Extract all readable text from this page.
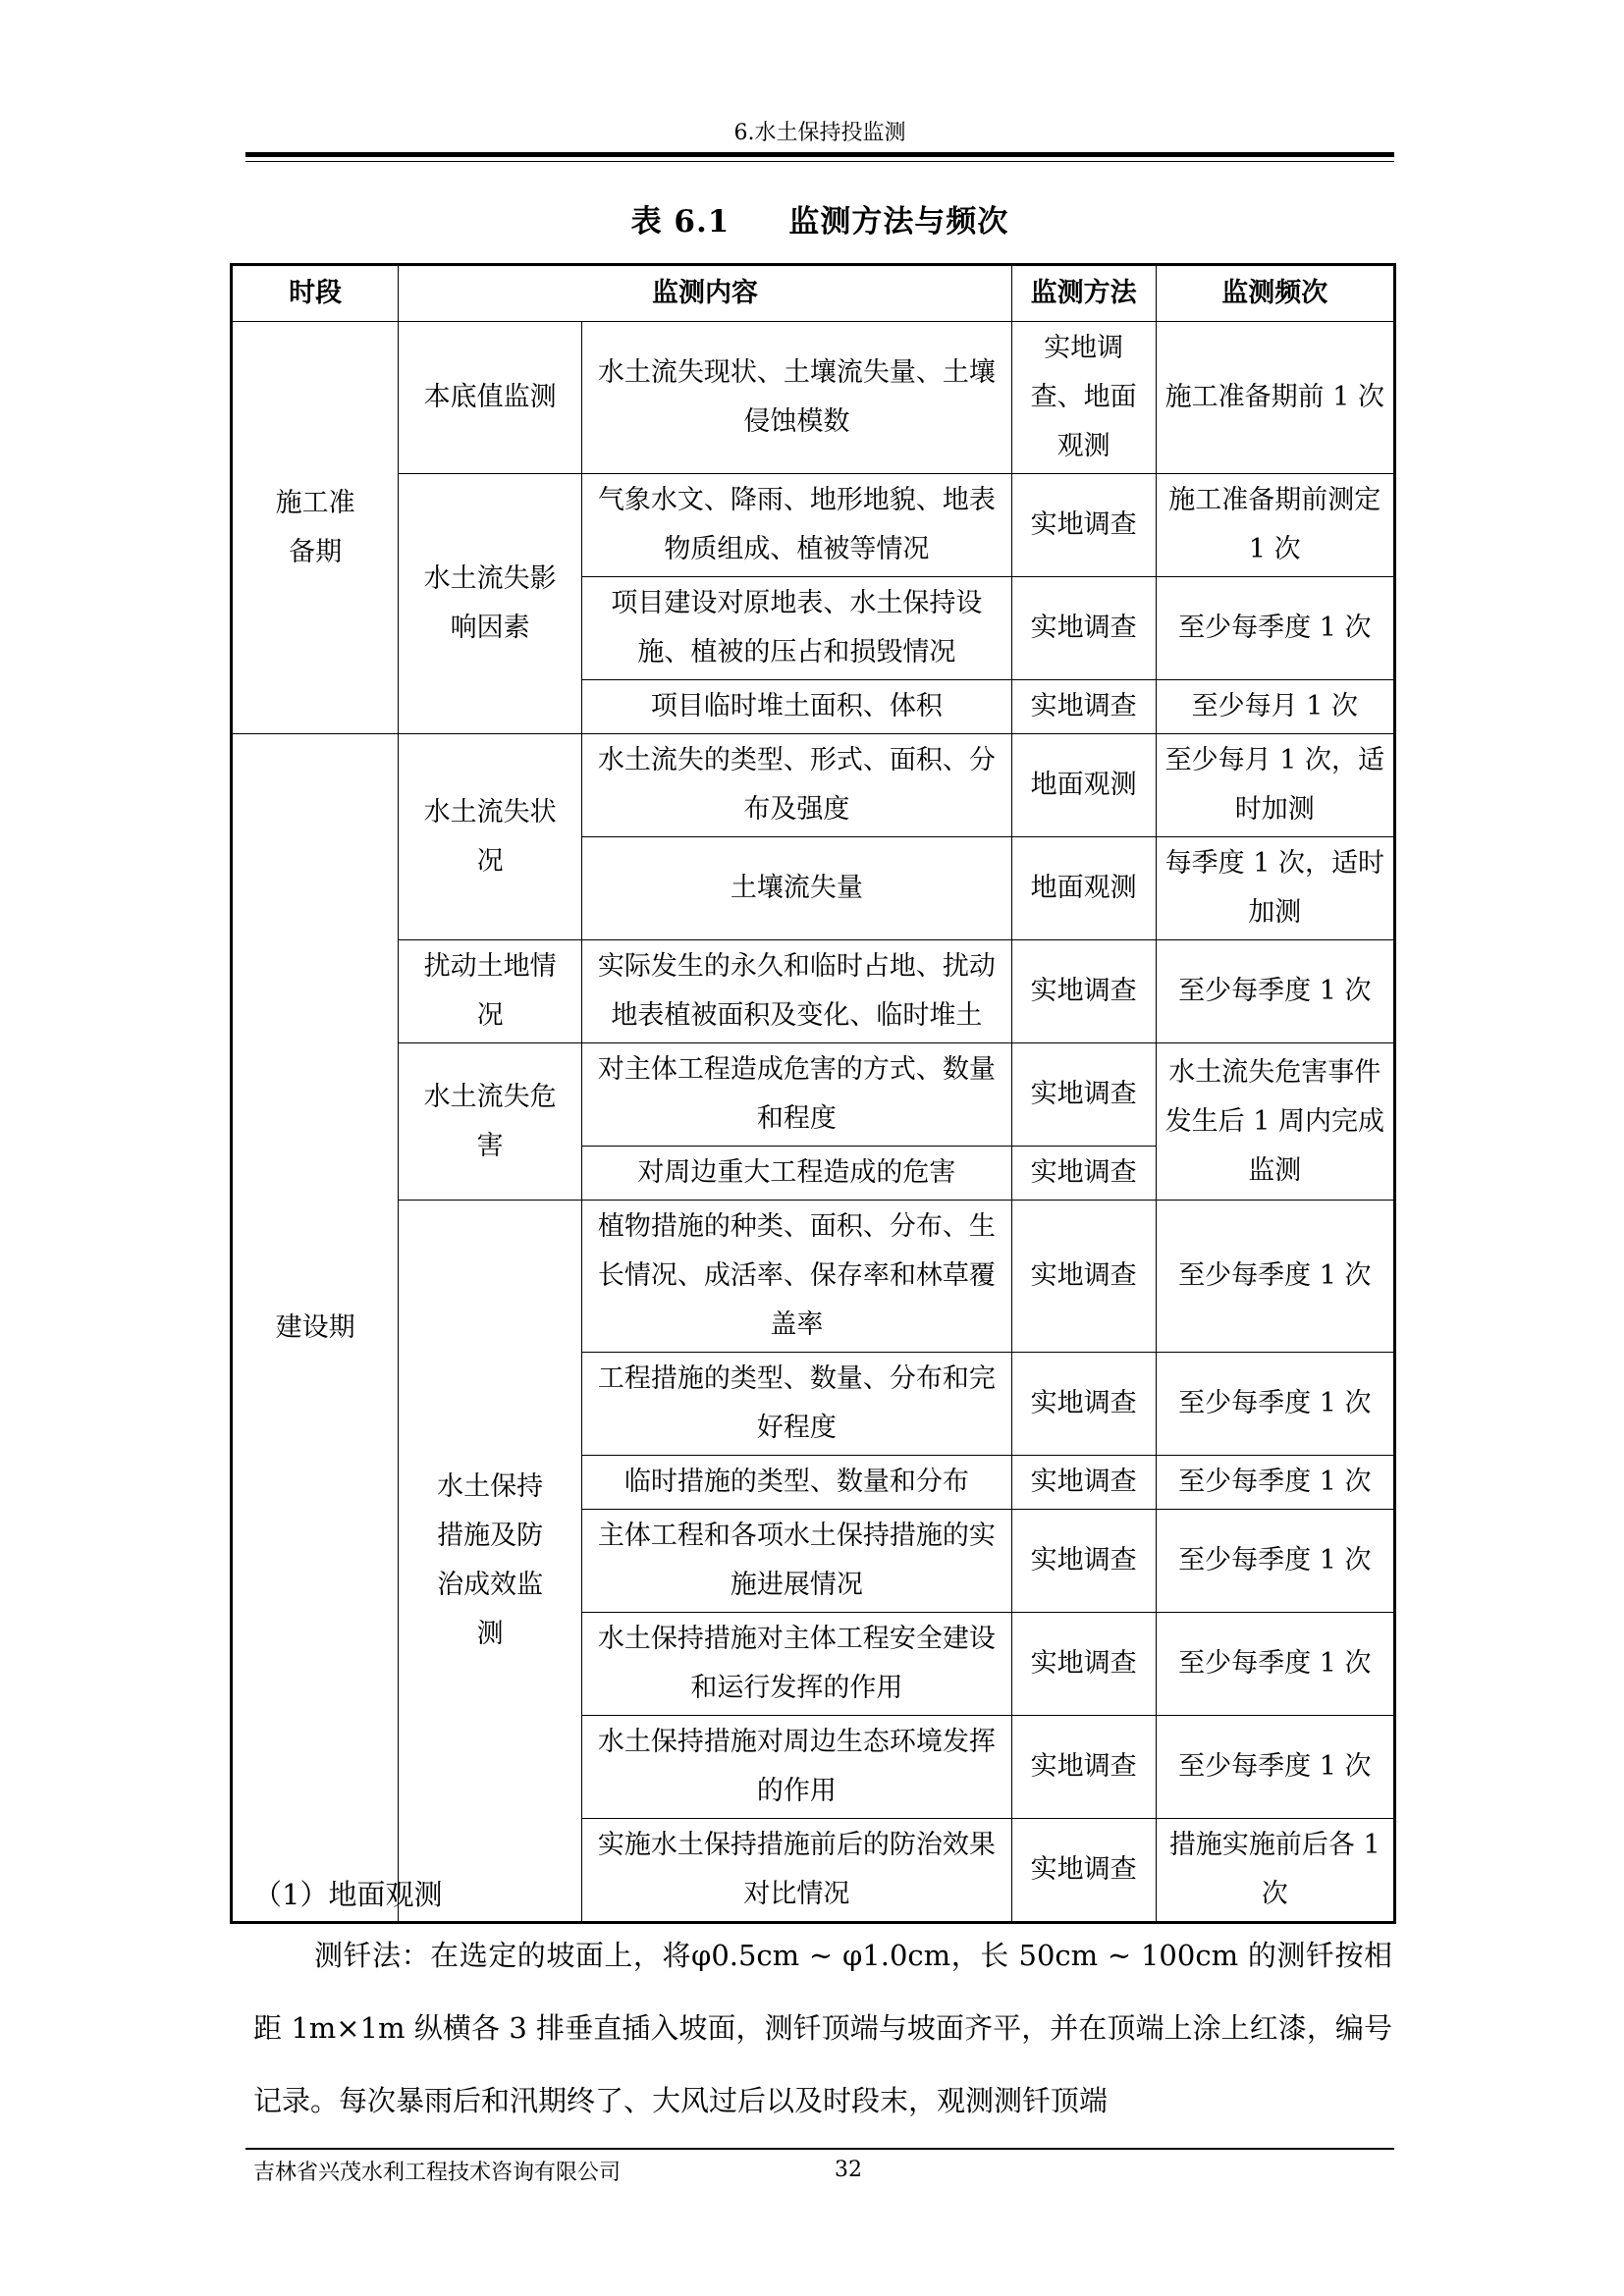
6.水土保持投监测
表 6.1 监测方法与频次
时段	监测内容		监测方法	监测频次
施工准备期	本底值监测	水土流失现状、土壤流失量、土壤侵蚀模数	实地调查、地面观测	施工准备期前 1 次
	水土流失影响因素	气象水文、降雨、地形地貌、地表物质组成、植被等情况	实地调查	施工准备期前测定 1 次
		项目建设对原地表、水土保持设施、植被的压占和损毁情况	实地调查	至少每季度 1 次
		项目临时堆土面积、体积	实地调查	至少每月 1 次
建设期	水土流失状况	水土流失的类型、形式、面积、分布及强度	地面观测	至少每月 1 次，适时加测
		土壤流失量	地面观测	每季度 1 次，适时加测
	扰动土地情况	实际发生的永久和临时占地、扰动地表植被面积及变化、临时堆土	实地调查	至少每季度 1 次
	水土流失危害	对主体工程造成危害的方式、数量和程度	实地调查	水土流失危害事件发生后 1 周内完成监测
		对周边重大工程造成的危害	实地调查	
	水土保持措施及防治成效监测	植物措施的种类、面积、分布、生长情况、成活率、保存率和林草覆盖率	实地调查	至少每季度 1 次
		工程措施的类型、数量、分布和完好程度	实地调查	至少每季度 1 次
		临时措施的类型、数量和分布	实地调查	至少每季度 1 次
		主体工程和各项水土保持措施的实施进展情况	实地调查	至少每季度 1 次
		水土保持措施对主体工程安全建设和运行发挥的作用	实地调查	至少每季度 1 次
		水土保持措施对周边生态环境发挥的作用	实地调查	至少每季度 1 次
		实施水土保持措施前后的防治效果对比情况	实地调查	措施实施前后各 1 次
（1）地面观测
测钎法：在选定的坡面上，将φ0.5cm ~ φ1.0cm，长 50cm ~ 100cm 的测钎按相距 1m×1m 纵横各 3 排垂直插入坡面，测钎顶端与坡面齐平，并在顶端上涂上红漆，编号记录。每次暴雨后和汛期终了、大风过后以及时段末，观测测钎顶端
吉林省兴茂水利工程技术咨询有限公司	32
